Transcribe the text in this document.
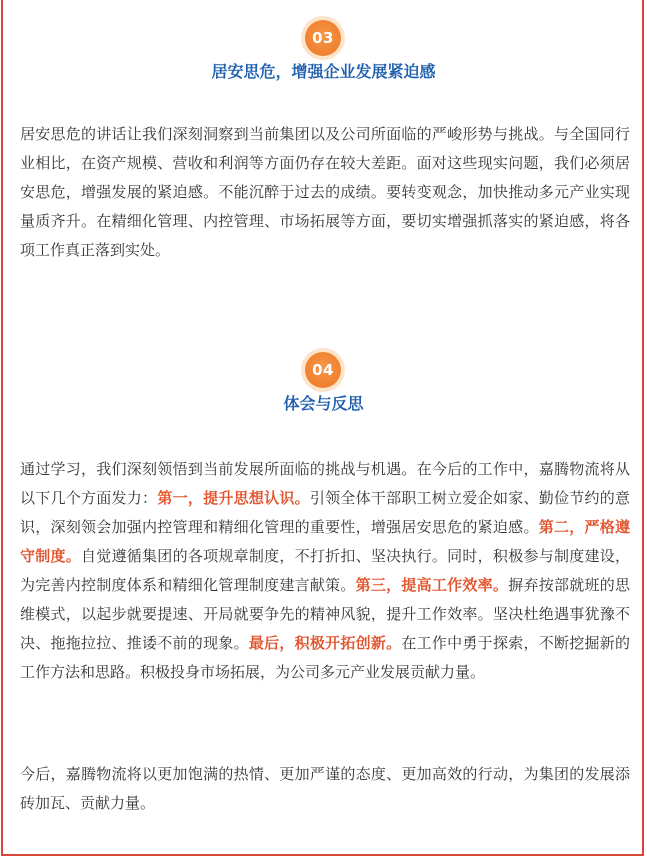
03
居安思危，增强企业发展紧迫感

居安思危的讲话让我们深刻洞察到当前集团以及公司所面临的严峻形势与挑战。与全国同行业相比，在资产规模、营收和利润等方面仍存在较大差距。面对这些现实问题，我们必须居安思危，增强发展的紧迫感。不能沉醉于过去的成绩。要转变观念，加快推动多元产业实现量质齐升。在精细化管理、内控管理、市场拓展等方面，要切实增强抓落实的紧迫感，将各项工作真正落到实处。

04
体会与反思

通过学习，我们深刻领悟到当前发展所面临的挑战与机遇。在今后的工作中，嘉腾物流将从以下几个方面发力：第一，提升思想认识。引领全体干部职工树立爱企如家、勤俭节约的意识，深刻领会加强内控管理和精细化管理的重要性，增强居安思危的紧迫感。第二，严格遵守制度。自觉遵循集团的各项规章制度，不打折扣、坚决执行。同时，积极参与制度建设，为完善内控制度体系和精细化管理制度建言献策。第三，提高工作效率。摒弃按部就班的思维模式，以起步就要提速、开局就要争先的精神风貌，提升工作效率。坚决杜绝遇事犹豫不决、拖拖拉拉、推诿不前的现象。最后，积极开拓创新。在工作中勇于探索，不断挖掘新的工作方法和思路。积极投身市场拓展，为公司多元产业发展贡献力量。

今后，嘉腾物流将以更加饱满的热情、更加严谨的态度、更加高效的行动，为集团的发展添砖加瓦、贡献力量。
